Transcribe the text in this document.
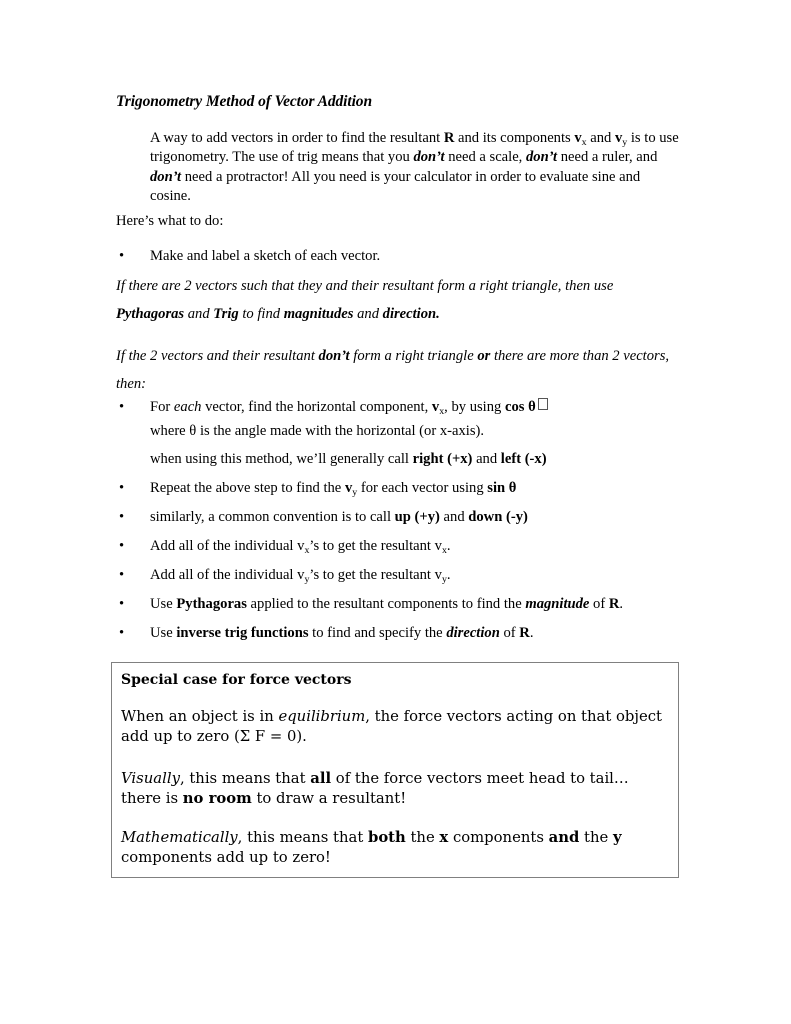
Trigonometry Method of Vector Addition
A way to add vectors in order to find the resultant R and its components $v_x$ and $v_y$ is to use trigonometry. The use of trig means that you don’t need a scale, don’t need a ruler, and don’t need a protractor! All you need is your calculator in order to evaluate sine and cosine.
Here’s what to do:
• Make and label a sketch of each vector.
If there are 2 vectors such that they and their resultant form a right triangle, then use Pythagoras and Trig to find magnitudes and direction.
If the 2 vectors and their resultant don’t form a right triangle or there are more than 2 vectors, then:
• For each vector, find the horizontal component, $v_x$, by using cos θ
where θ is the angle made with the horizontal (or x-axis).
when using this method, we’ll generally call right (+x) and left (-x)
• Repeat the above step to find the $v_y$ for each vector using sin θ
• similarly, a common convention is to call up (+y) and down (-y)
• Add all of the individual $v_x’s$ to get the resultant $v_x$.
• Add all of the individual $v_y’s$ to get the resultant $v_y$.
• Use Pythagoras applied to the resultant components to find the magnitude of R.
• Use inverse trig functions to find and specify the direction of R.
Special case for force vectors
When an object is in equilibrium, the force vectors acting on that object add up to zero (Σ F = 0).
Visually, this means that all of the force vectors meet head to tail…there is no room to draw a resultant!
Mathematically, this means that both the x components and the y components add up to zero!
